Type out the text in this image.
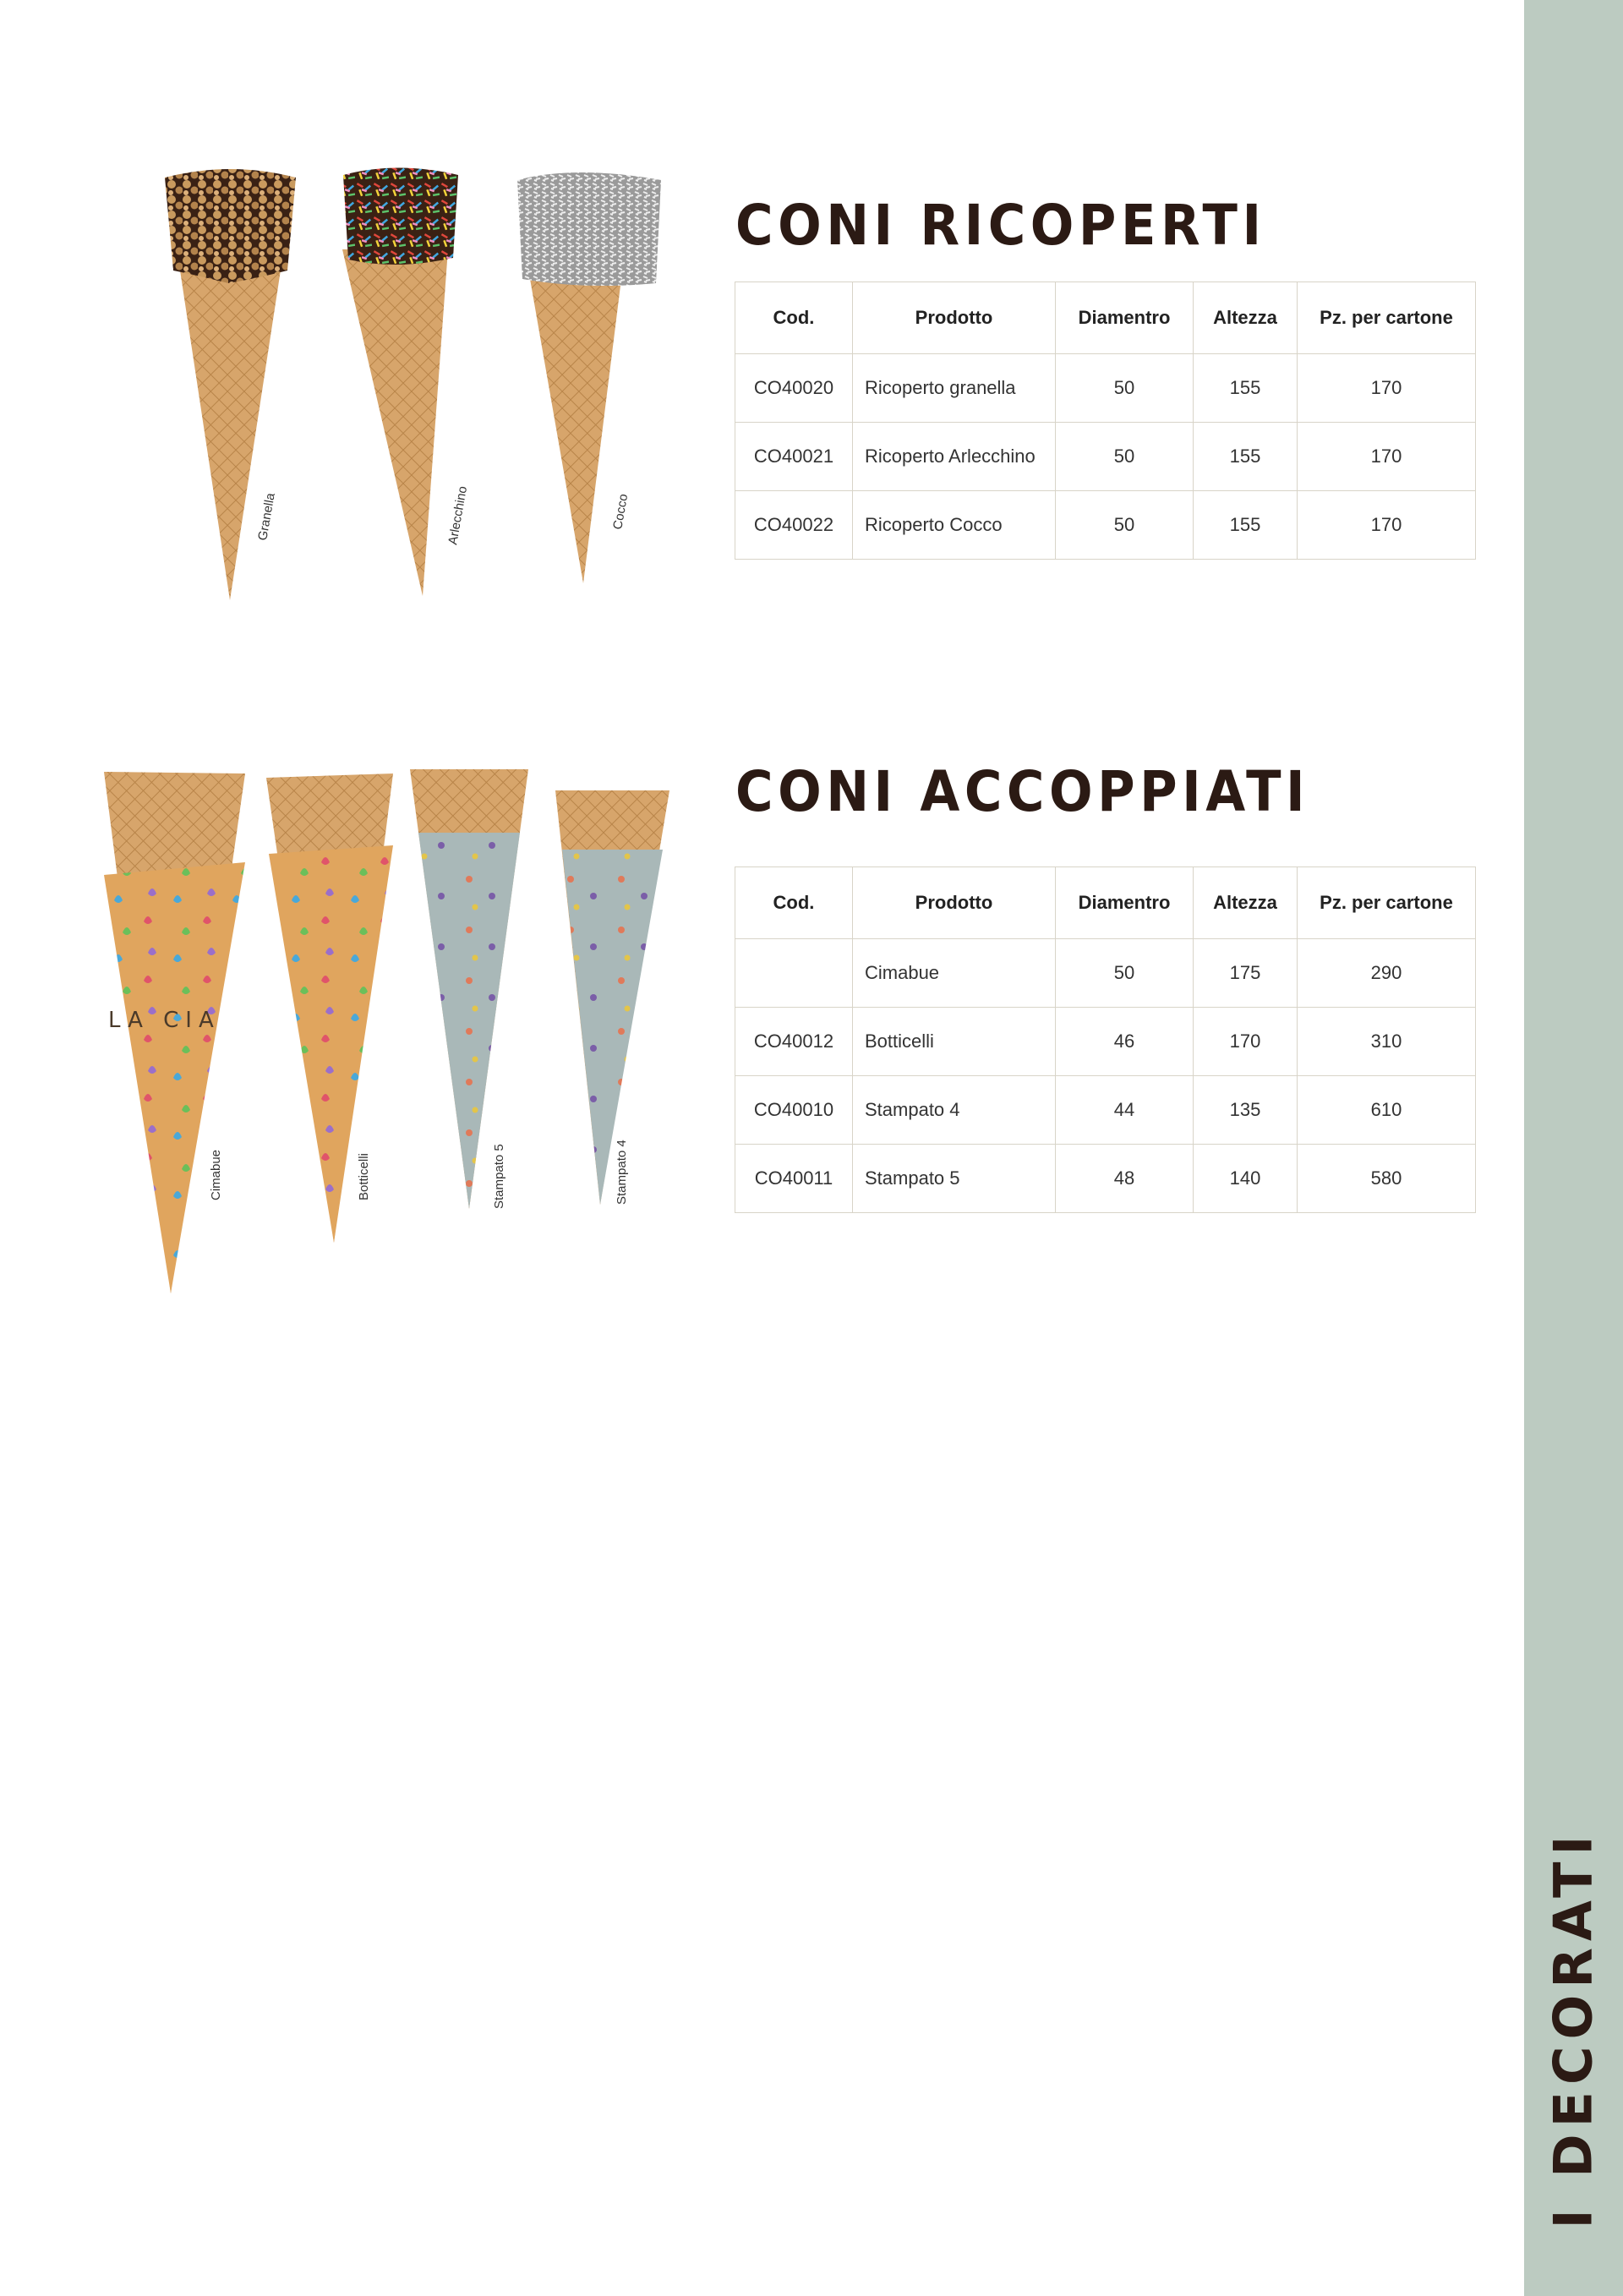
I DECORATI
Granella	Arlecchino	Cocco
CONI RICOPERTI
Cod.	Prodotto	Diamentro	Altezza	Pz. per cartone
CO40020	Ricoperto granella	50	155	170
CO40021	Ricoperto Arlecchino	50	155	170
CO40022	Ricoperto Cocco	50	155	170
LA CIA
Cimabue	Botticelli	Stampato 5	Stampato 4
CONI ACCOPPIATI
Cod.	Prodotto	Diamentro	Altezza	Pz. per cartone
	Cimabue	50	175	290
CO40012	Botticelli	46	170	310
CO40010	Stampato 4	44	135	610
CO40011	Stampato 5	48	140	580
